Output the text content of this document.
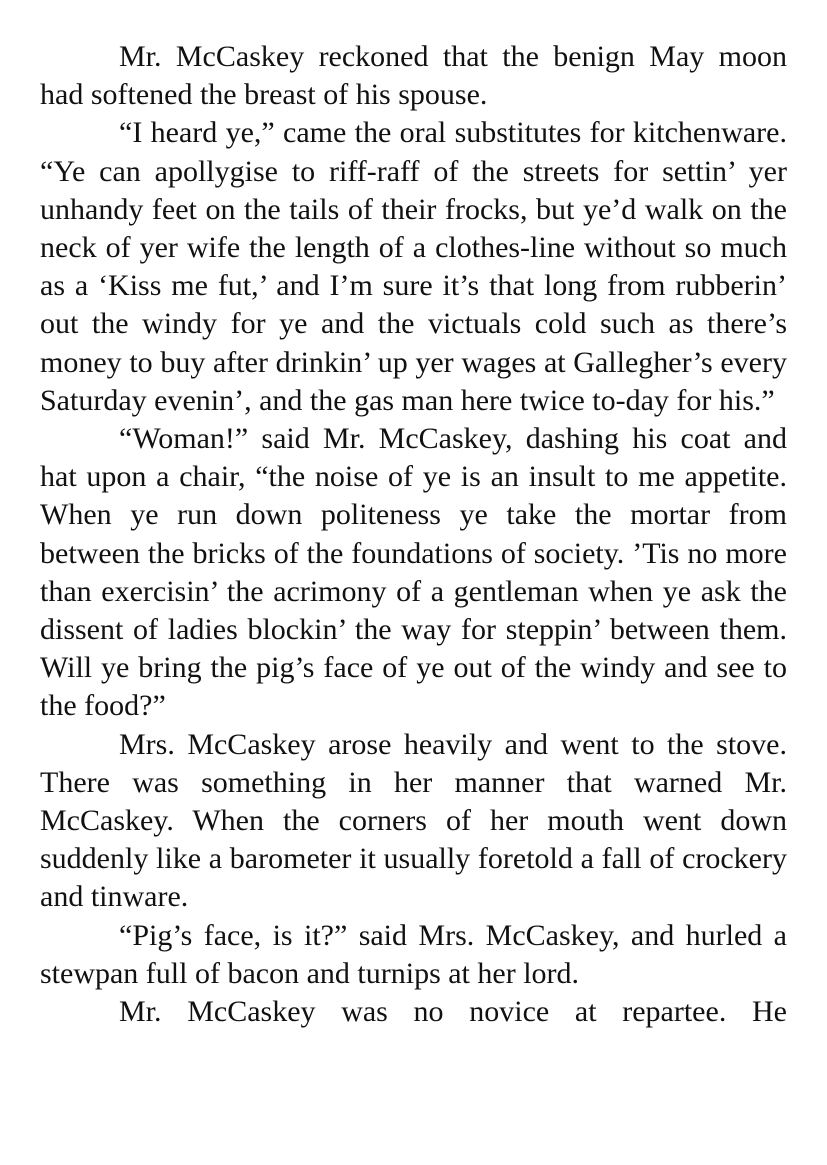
Mr. McCaskey reckoned that the benign May moon had softened the breast of his spouse.

“I heard ye,” came the oral substitutes for kitchenware. “Ye can apollygise to riff-raff of the streets for settin’ yer unhandy feet on the tails of their frocks, but ye’d walk on the neck of yer wife the length of a clothes-line without so much as a ‘Kiss me fut,’ and I’m sure it’s that long from rubberin’ out the windy for ye and the victuals cold such as there’s money to buy after drinkin’ up yer wages at Gallegher’s every Saturday evenin’, and the gas man here twice to-day for his.”

“Woman!” said Mr. McCaskey, dashing his coat and hat upon a chair, “the noise of ye is an insult to me appetite. When ye run down politeness ye take the mortar from between the bricks of the foundations of society. ’Tis no more than exercisin’ the acrimony of a gentleman when ye ask the dissent of ladies blockin’ the way for steppin’ between them. Will ye bring the pig’s face of ye out of the windy and see to the food?”

Mrs. McCaskey arose heavily and went to the stove. There was something in her manner that warned Mr. McCaskey. When the corners of her mouth went down suddenly like a barometer it usually foretold a fall of crockery and tinware.

“Pig’s face, is it?” said Mrs. McCaskey, and hurled a stewpan full of bacon and turnips at her lord.

Mr. McCaskey was no novice at repartee. He
